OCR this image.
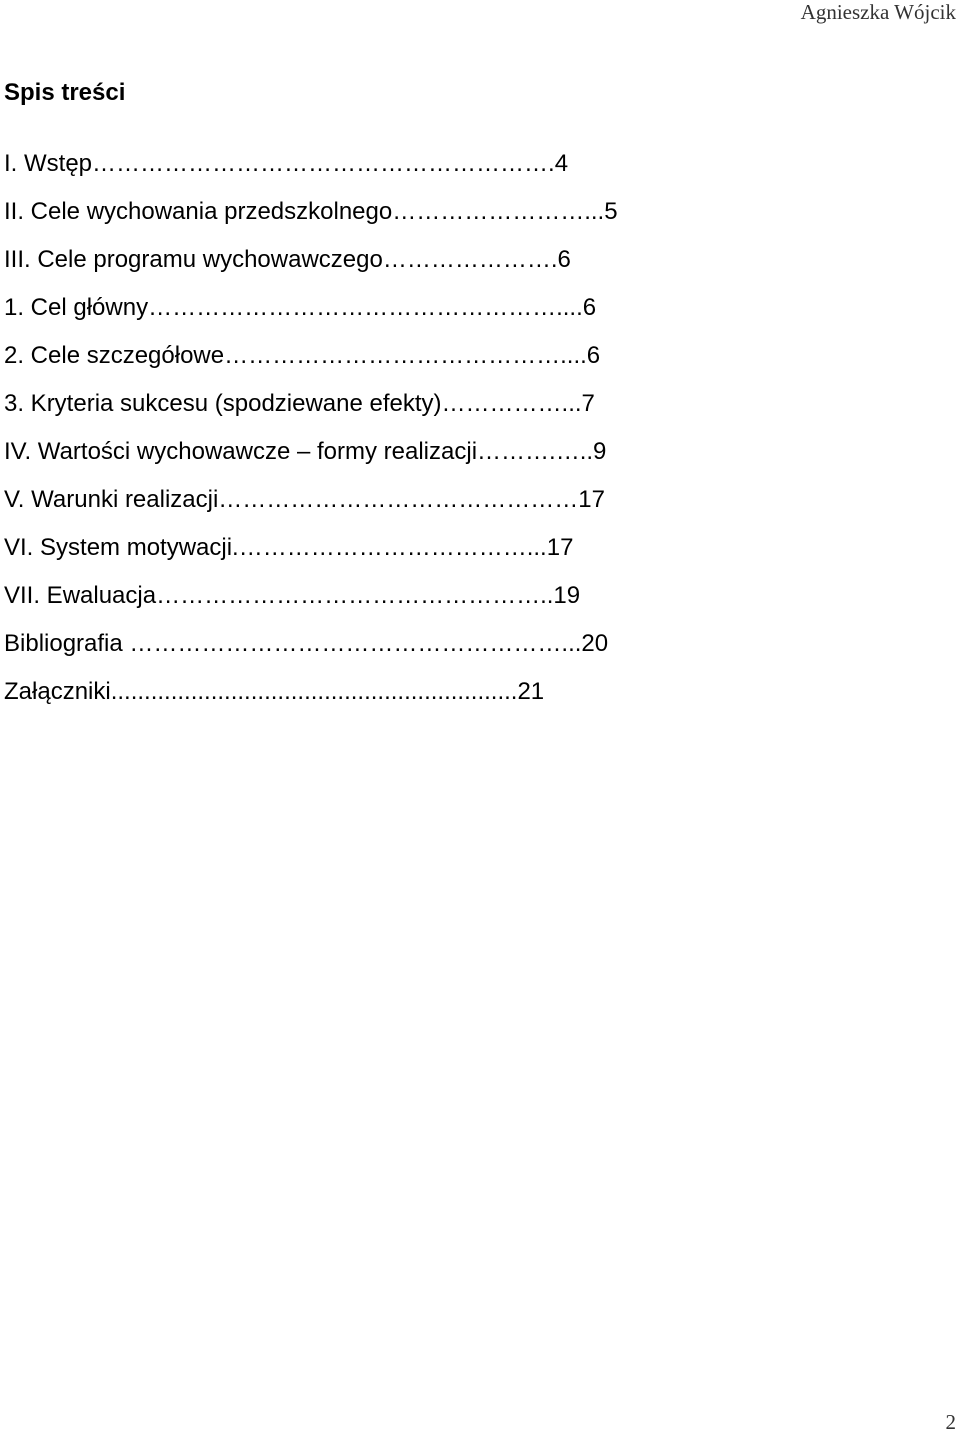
Agnieszka Wójcik
Spis treści
I. Wstęp………………………………………………….4
II. Cele wychowania przedszkolnego……………………...5
III. Cele programu wychowawczego………………….6
1. Cel główny……………………………………………....6
2. Cele szczegółowe……………………………………....6
3. Kryteria sukcesu (spodziewane efekty)……………...7
IV. Wartości wychowawcze – formy realizacji……….…..9
V. Warunki realizacji………………………………………17
VI. System motywacji.………………………………...17
VII. Ewaluacja…………………………………………..19
Bibliografia ………………………………………………...20
Załączniki.............................................................21
2
